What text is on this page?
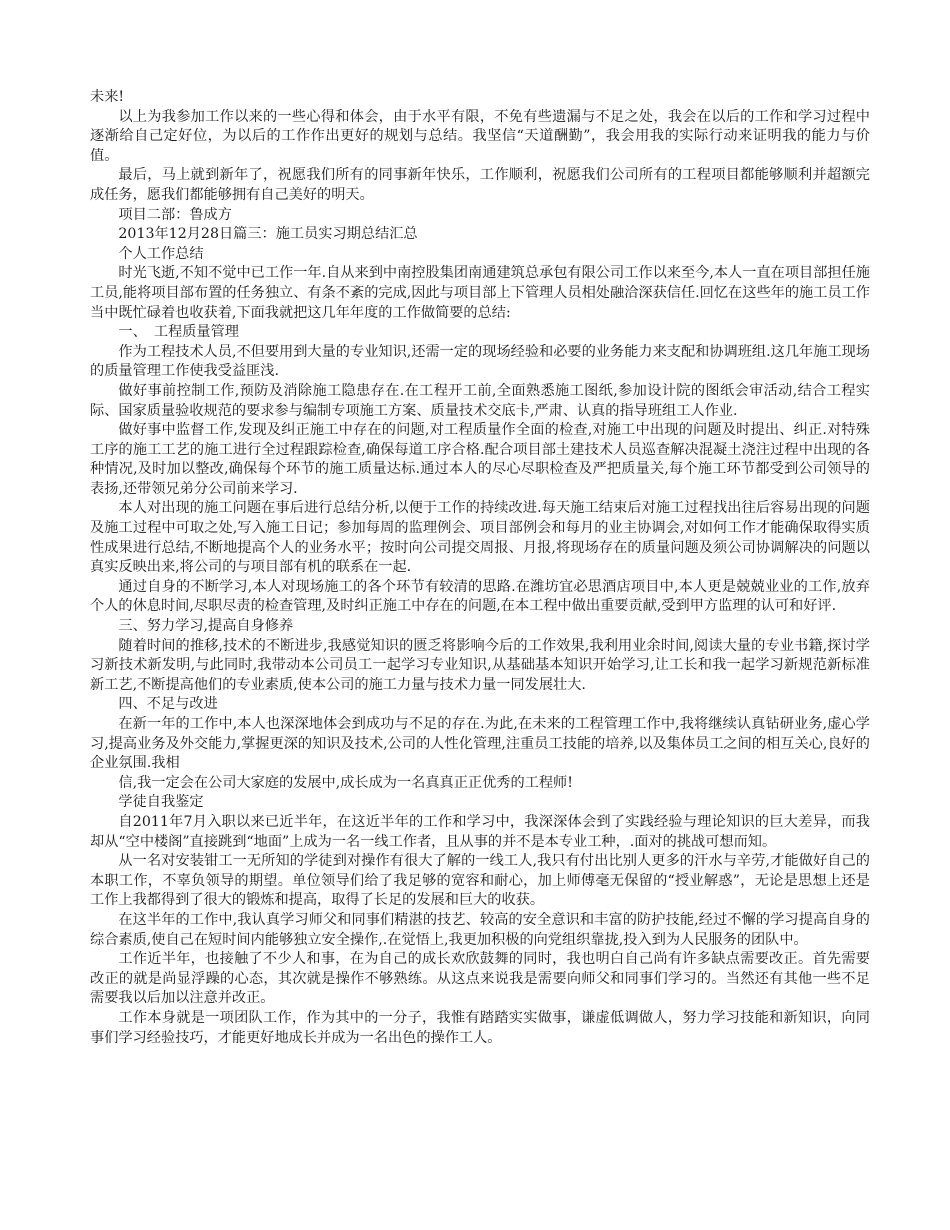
未来!

以上为我参加工作以来的一些心得和体会，由于水平有限，不免有些遗漏与不足之处，我会在以后的工作和学习过程中逐渐给自己定好位，为以后的工作作出更好的规划与总结。我坚信“天道酬勤”，我会用我的实际行动来证明我的能力与价值。

最后，马上就到新年了，祝愿我们所有的同事新年快乐，工作顺利，祝愿我们公司所有的工程项目都能够顺利并超额完成任务，愿我们都能够拥有自己美好的明天。

项目二部：鲁成方

2013年12月28日篇三：施工员实习期总结汇总

个人工作总结

时光飞逝,不知不觉中已工作一年.自从来到中南控股集团南通建筑总承包有限公司工作以来至今,本人一直在项目部担任施工员,能将项目部布置的任务独立、有条不紊的完成,因此与项目部上下管理人员相处融洽深获信任.回忆在这些年的施工员工作当中既忙碌着也收获着,下面我就把这几年年度的工作做简要的总结:

一、　工程质量管理

作为工程技术人员,不但要用到大量的专业知识,还需一定的现场经验和必要的业务能力来支配和协调班组.这几年施工现场的质量管理工作使我受益匪浅.

做好事前控制工作,预防及消除施工隐患存在.在工程开工前,全面熟悉施工图纸,参加设计院的图纸会审活动,结合工程实际、国家质量验收规范的要求参与编制专项施工方案、质量技术交底卡,严肃、认真的指导班组工人作业.

做好事中监督工作,发现及纠正施工中存在的问题,对工程质量作全面的检查,对施工中出现的问题及时提出、纠正.对特殊工序的施工工艺的施工进行全过程跟踪检查,确保每道工序合格.配合项目部土建技术人员巡查解决混凝土浇注过程中出现的各种情况,及时加以整改,确保每个环节的施工质量达标.通过本人的尽心尽职检查及严把质量关,每个施工环节都受到公司领导的表扬,还带领兄弟分公司前来学习.

本人对出现的施工问题在事后进行总结分析,以便于工作的持续改进.每天施工结束后对施工过程找出往后容易出现的问题及施工过程中可取之处,写入施工日记；参加每周的监理例会、项目部例会和每月的业主协调会,对如何工作才能确保取得实质性成果进行总结,不断地提高个人的业务水平；按时向公司提交周报、月报,将现场存在的质量问题及须公司协调解决的问题以真实反映出来,将公司的与项目部有机的联系在一起.

通过自身的不断学习,本人对现场施工的各个环节有较清的思路.在潍坊宜必思酒店项目中,本人更是兢兢业业的工作,放弃个人的休息时间,尽职尽责的检查管理,及时纠正施工中存在的问题,在本工程中做出重要贡献,受到甲方监理的认可和好评.

三、努力学习,提高自身修养

随着时间的推移,技术的不断进步,我感觉知识的匮乏将影响今后的工作效果,我利用业余时间,阅读大量的专业书籍,探讨学习新技术新发明,与此同时,我带动本公司员工一起学习专业知识,从基础基本知识开始学习,让工长和我一起学习新规范新标准新工艺,不断提高他们的专业素质,使本公司的施工力量与技术力量一同发展壮大.

四、不足与改进

在新一年的工作中,本人也深深地体会到成功与不足的存在.为此,在未来的工程管理工作中,我将继续认真钻研业务,虚心学习,提高业务及外交能力,掌握更深的知识及技术,公司的人性化管理,注重员工技能的培养,以及集体员工之间的相互关心,良好的企业氛围.我相

信,我一定会在公司大家庭的发展中,成长成为一名真真正正优秀的工程师!

学徒自我鉴定

自2011年7月入职以来已近半年，在这近半年的工作和学习中，我深深体会到了实践经验与理论知识的巨大差异，而我却从“空中楼阁”直接跳到“地面”上成为一名一线工作者，且从事的并不是本专业工种，.面对的挑战可想而知。

从一名对安装钳工一无所知的学徒到对操作有很大了解的一线工人,我只有付出比别人更多的汗水与辛劳,才能做好自己的本职工作，不辜负领导的期望。单位领导们给了我足够的宽容和耐心，加上师傅毫无保留的“授业解惑”，无论是思想上还是工作上我都得到了很大的锻炼和提高，取得了长足的发展和巨大的收获。

在这半年的工作中,我认真学习师父和同事们精湛的技艺、较高的安全意识和丰富的防护技能,经过不懈的学习提高自身的综合素质,使自己在短时间内能够独立安全操作,.在觉悟上,我更加积极的向党组织靠拢,投入到为人民服务的团队中。

工作近半年，也接触了不少人和事，在为自己的成长欢欣鼓舞的同时，我也明白自己尚有许多缺点需要改正。首先需要改正的就是尚显浮躁的心态，其次就是操作不够熟练。从这点来说我是需要向师父和同事们学习的。当然还有其他一些不足需要我以后加以注意并改正。

工作本身就是一项团队工作，作为其中的一分子，我惟有踏踏实实做事，谦虚低调做人，努力学习技能和新知识，向同事们学习经验技巧，才能更好地成长并成为一名出色的操作工人。
